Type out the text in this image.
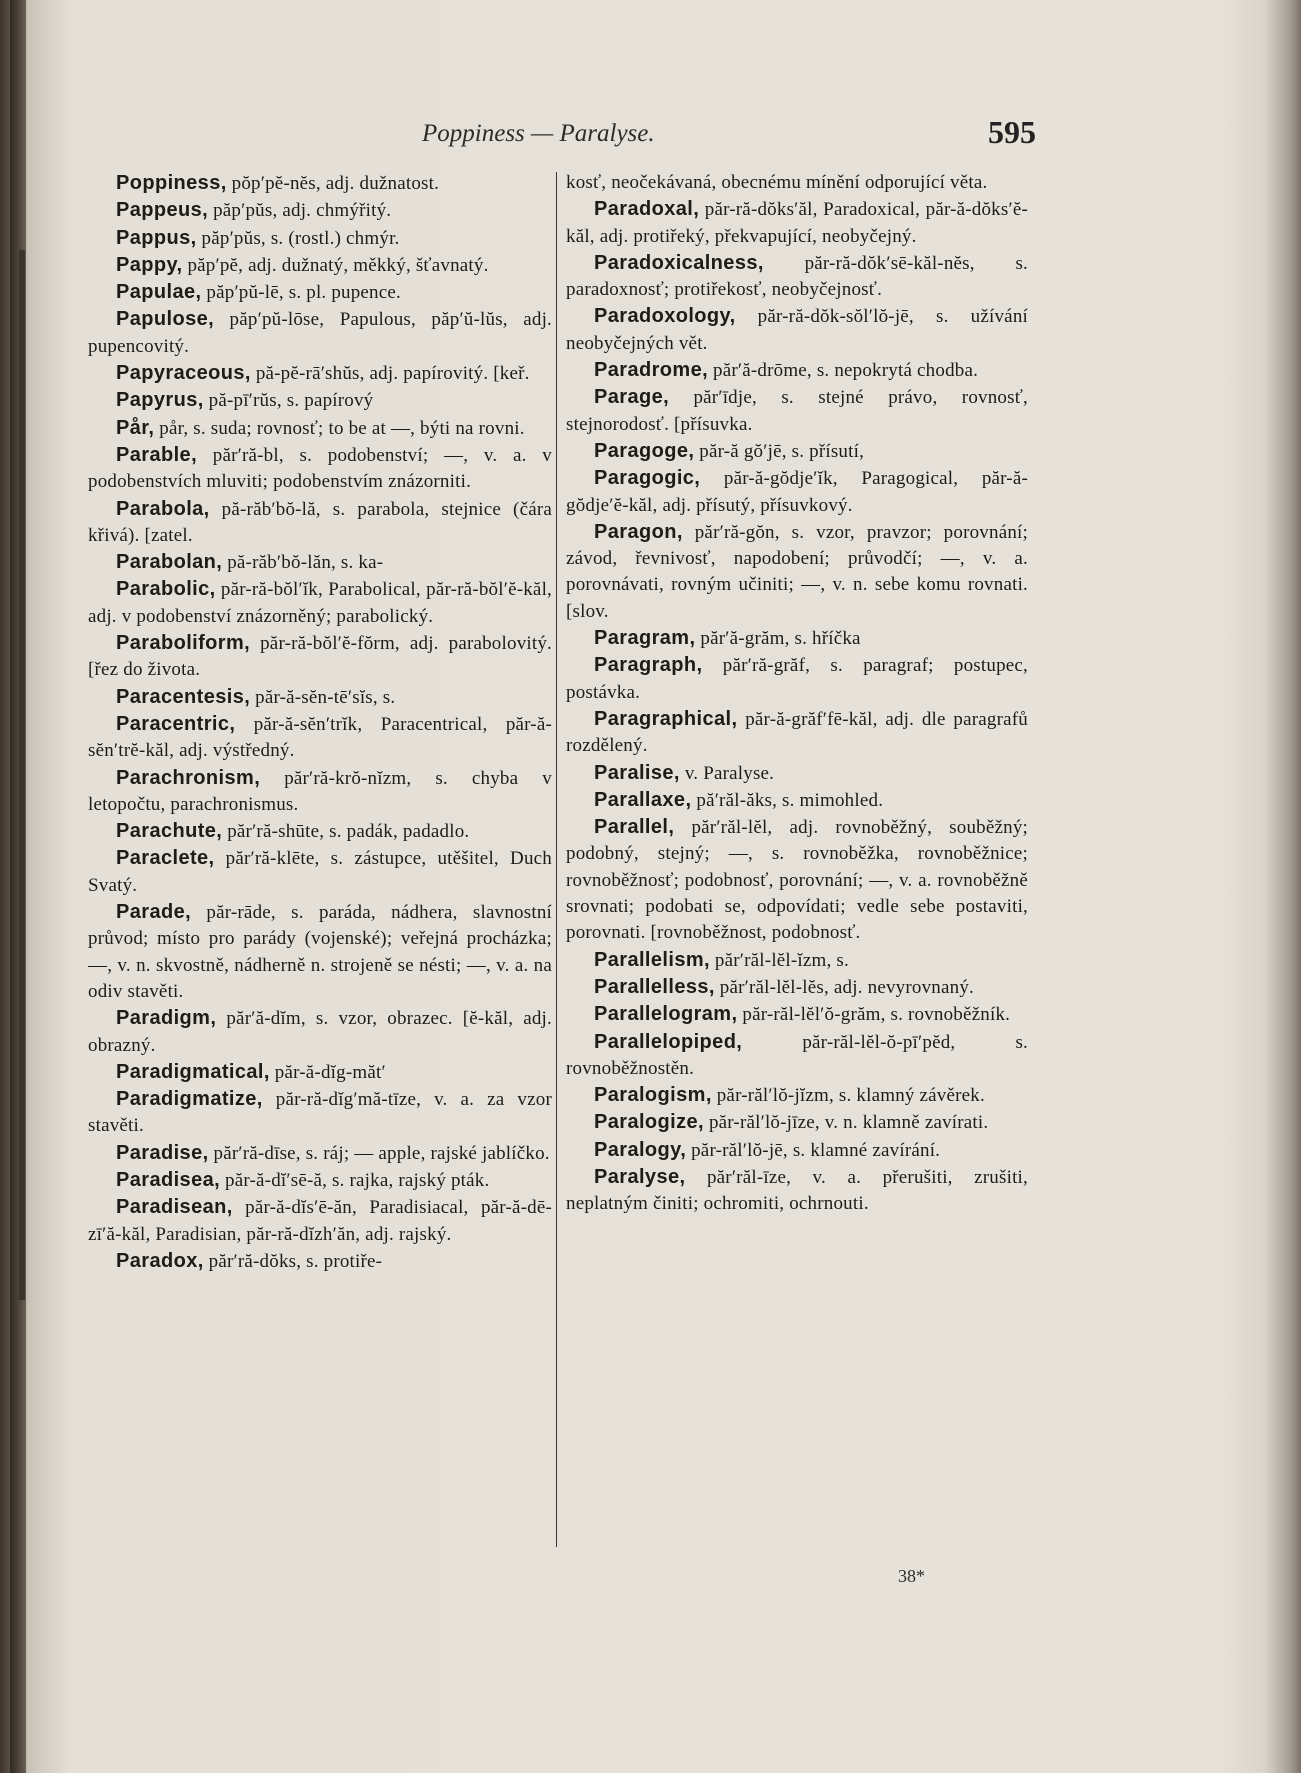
Poppiness — Paralyse.	595
Poppiness, pŏp′pĕ-nĕs, adj. dužnatost.
Pappeus, păp′pŭs, adj. chmýřitý.
Pappus, păp′pŭs, s. (rostl.) chmýr.
Pappy, păp′pĕ, adj. dužnatý, měkký, šťavnatý.
Papulae, păp′pŭ-lē, s. pl. pupence.
Papulose, păp′pŭ-lōse, Papulous, păp′ŭ-lŭs, adj. pupencovitý.
Papyraceous, pă-pĕ-rā′shŭs, adj. papírovitý. [keř.
Papyrus, pă-pī′rŭs, s. papírový
Pår, pår, s. suda; rovnosť; to be at —, býti na rovni.
Parable, păr′ră-bl, s. podobenství; —, v. a. v podobenstvích mluviti; podobenstvím znázorniti.
Parabola, pă-răb′bŏ-lă, s. parabola, stejnice (čára křivá). [zatel.
Parabolan, pă-răb′bŏ-lăn, s. ka-
Parabolic, păr-ră-bŏl′ĭk, Parabolical, păr-ră-bŏl′ĕ-kăl, adj. v podobenství znázorněný; parabolický.
Paraboliform, păr-ră-bŏl′ĕ-fŏrm, adj. parabolovitý. [řez do života.
Paracentesis, păr-ă-sĕn-tē′sĭs, s.
Paracentric, păr-ă-sĕn′trĭk, Paracentrical, păr-ă-sĕn′trĕ-kăl, adj. výstředný.
Parachronism, păr′ră-krŏ-nĭzm, s. chyba v letopočtu, parachronismus.
Parachute, păr′ră-shūte, s. padák, padadlo.
Paraclete, păr′ră-klēte, s. zástupce, utěšitel, Duch Svatý.
Parade, păr-rāde, s. paráda, nádhera, slavnostní průvod; místo pro parády (vojenské); veřejná procházka; —, v. n. skvostně, nádherně n. strojeně se nésti; —, v. a. na odiv stavěti.
Paradigm, păr′ă-dĭm, s. vzor, obrazec. [ĕ-kăl, adj. obrazný.
Paradigmatical, păr-ă-dĭg-măt′
Paradigmatize, păr-ră-dĭg′mă-tīze, v. a. za vzor stavěti.
Paradise, păr′ră-dīse, s. ráj; — apple, rajské jablíčko.
Paradisea, păr-ă-dĭ′sē-ă, s. rajka, rajský pták.
Paradisean, păr-ă-dĭs′ē-ăn, Paradisiacal, păr-ă-dē-zī′ă-kăl, Paradisian, păr-ră-dĭzh′ăn, adj. rajský.
Paradox, păr′ră-dŏks, s. protiře-
kosť, neočekávaná, obecnému mínění odporující věta.
Paradoxal, păr-ră-dŏks′ăl, Paradoxical, păr-ă-dŏks′ĕ-kăl, adj. protiřeký, překvapující, neobyčejný.
Paradoxicalness, păr-ră-dŏk′sē-kăl-nĕs, s. paradoxnosť; protiřekosť, neobyčejnosť.
Paradoxology, păr-ră-dŏk-sŏl′lŏ-jē, s. užívání neobyčejných vět.
Paradrome, păr′ă-drōme, s. nepokrytá chodba.
Parage, păr′īdje, s. stejné právo, rovnosť, stejnorodosť. [přísuvka.
Paragoge, păr-ă gŏ′jē, s. přísutí,
Paragogic, păr-ă-gŏdje′ĭk, Paragogical, păr-ă-gŏdje′ĕ-kăl, adj. přísutý, přísuvkový.
Paragon, păr′ră-gŏn, s. vzor, pravzor; porovnání; závod, řevnivosť, napodobení; průvodčí; —, v. a. porovnávati, rovným učiniti; —, v. n. sebe komu rovnati. [slov.
Paragram, păr′ă-grăm, s. hříčka
Paragraph, păr′ră-grăf, s. paragraf; postupec, postávka.
Paragraphical, păr-ă-grăf′fē-kăl, adj. dle paragrafů rozdělený.
Paralise, v. Paralyse.
Parallaxe, pă′răl-ăks, s. mimohled.
Parallel, păr′răl-lĕl, adj. rovnoběžný, souběžný; podobný, stejný; —, s. rovnoběžka, rovnoběžnice; rovnoběžnosť; podobnosť, porovnání; —, v. a. rovnoběžně srovnati; podobati se, odpovídati; vedle sebe postaviti, porovnati. [rovnoběžnost, podobnosť.
Parallelism, păr′răl-lĕl-ĭzm, s.
Parallelless, păr′răl-lĕl-lĕs, adj. nevyrovnaný.
Parallelogram, păr-răl-lĕl′ŏ-grăm, s. rovnoběžník.
Parallelopiped, păr-răl-lĕl-ŏ-pī′pĕd, s. rovnoběžnostěn.
Paralogism, păr-răl′lŏ-jĭzm, s. klamný závěrek.
Paralogize, păr-răl′lŏ-jīze, v. n. klamně zavírati.
Paralogy, păr-răl′lŏ-jē, s. klamné zavírání.
Paralyse, păr′răl-īze, v. a. přerušiti, zrušiti, neplatným činiti; ochromiti, ochrnouti.
38*
